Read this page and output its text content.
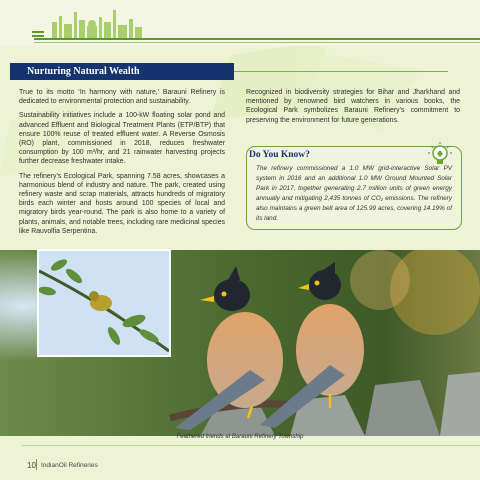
Nurturing Natural Wealth

True to its motto ‘In harmony with nature,’ Barauni Refinery is dedicated to environmental protection and sustainability.

Sustainability initiatives include a 100-kW floating solar pond and advanced Effluent and Biological Treatment Plants (ETP/BTP) that ensure 100% reuse of treated effluent water. A Reverse Osmosis (RO) plant, commissioned in 2018, reduces freshwater consumption by 100 m³/hr, and 21 rainwater harvesting projects further decrease freshwater intake.

The refinery’s Ecological Park, spanning 7.58 acres, showcases a harmonious blend of industry and nature. The park, created using refinery waste and scrap materials, attracts hundreds of migratory birds each winter and hosts around 100 species of local and migratory birds year-round. The park is also home to a variety of plants, animals, and notable trees, including rare medicinal species like Rauvolfia Serpentina.

Recognized in biodiversity strategies for Bihar and Jharkhand and mentioned by renowned bird watchers in various books, the Ecological Park symbolizes Barauni Refinery’s commitment to preserving the environment for future generations.

Do You Know?
The refinery commissioned a 1.0 MW grid-interactive Solar PV system in 2016 and an additional 1.0 MW Ground Mounted Solar Park in 2017, together generating 2.7 million units of green energy annually and mitigating 2,435 tonnes of CO₂ emissions. The refinery also maintains a green belt area of 125.99 acres, covering 14.19% of its land.
Feathered friends at Barauni Refinery Township
10 IndianOil Refineries
